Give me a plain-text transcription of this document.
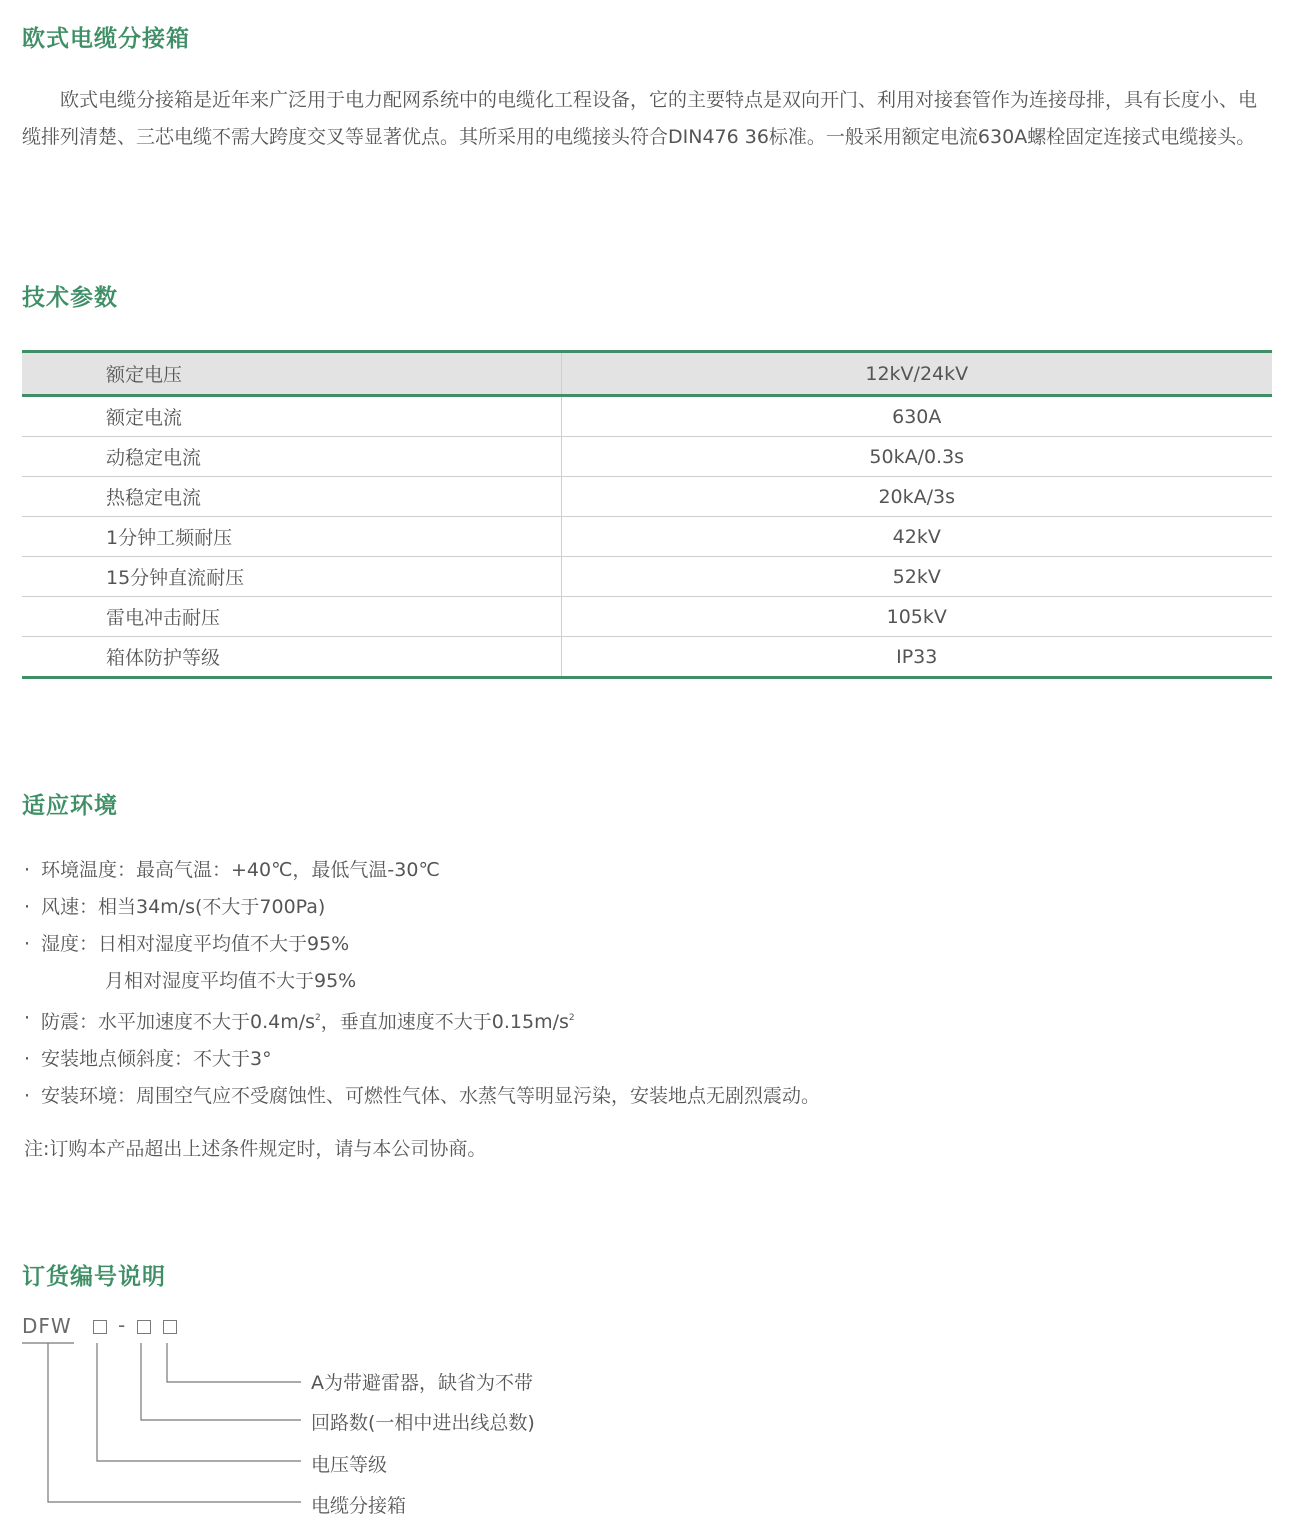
欧式电缆分接箱

欧式电缆分接箱是近年来广泛用于电力配网系统中的电缆化工程设备，它的主要特点是双向开门、利用对接套管作为连接母排，具有长度小、电缆排列清楚、三芯电缆不需大跨度交叉等显著优点。其所采用的电缆接头符合DIN476 36标准。一般采用额定电流630A螺栓固定连接式电缆接头。

技术参数
额定电压	12kV/24kV
额定电流	630A
动稳定电流	50kA/0.3s
热稳定电流	20kA/3s
1分钟工频耐压	42kV
15分钟直流耐压	52kV
雷电冲击耐压	105kV
箱体防护等级	IP33
适应环境
· 环境温度：最高气温：+40℃，最低气温-30℃
· 风速：相当34m/s(不大于700Pa)
· 湿度：日相对湿度平均值不大于95%
月相对湿度平均值不大于95%
· 防震：水平加速度不大于$0.4m/s^2$，垂直加速度不大于$0.15m/s^2$
· 安装地点倾斜度：不大于3°
· 安装环境：周围空气应不受腐蚀性、可燃性气体、水蒸气等明显污染，安装地点无剧烈震动。

注:订购本产品超出上述条件规定时，请与本公司协商。

订货编号说明
DFW -
A为带避雷器，缺省为不带
回路数(一相中进出线总数)
电压等级
电缆分接箱
